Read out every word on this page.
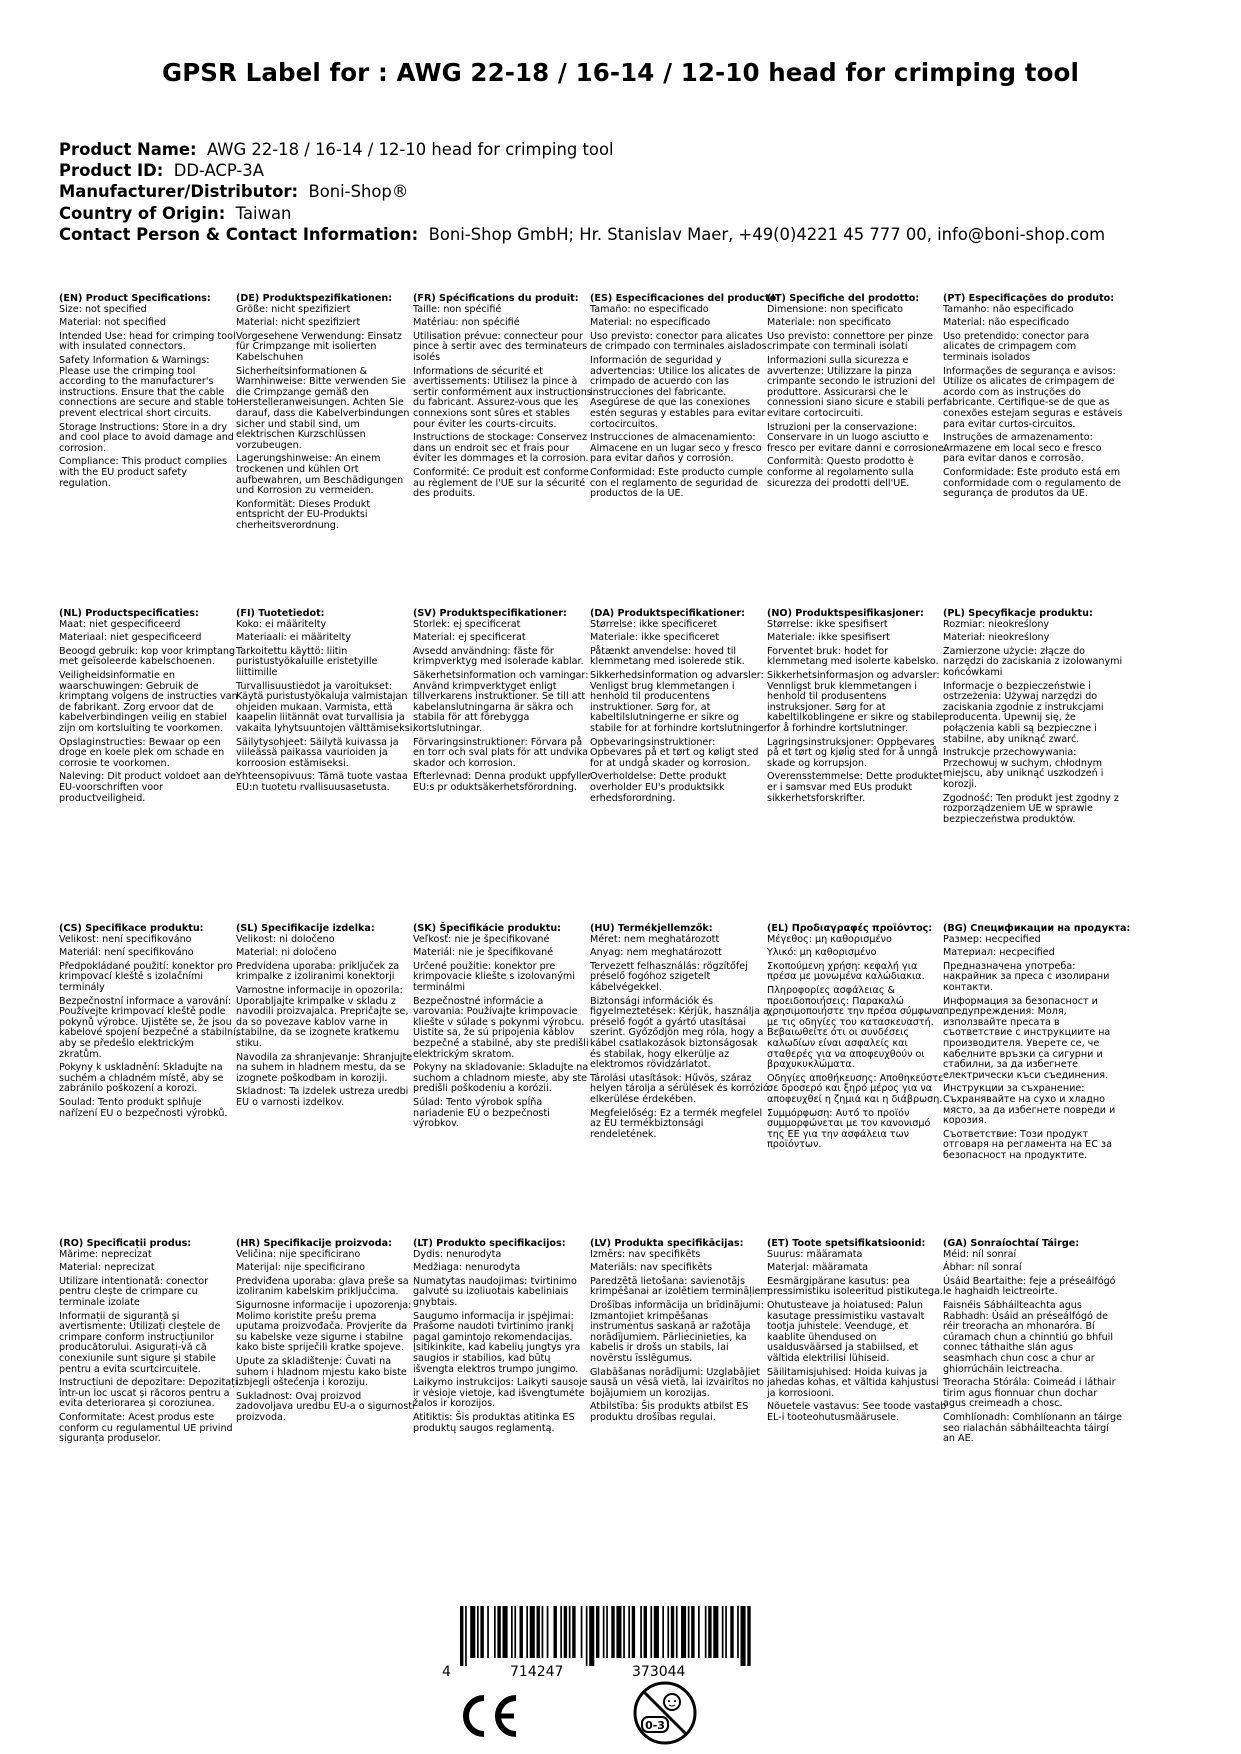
GPSR Label for : AWG 22-18 / 16-14 / 12-10 head for crimping tool
Product Name: AWG 22-18 / 16-14 / 12-10 head for crimping tool
Product ID: DD-ACP-3A
Manufacturer/Distributor: Boni-Shop®
Country of Origin: Taiwan
Contact Person & Contact Information: Boni-Shop GmbH; Hr. Stanislav Maer, +49(0)4221 45 777 00, info@boni-shop.com
(EN) Product Specifications:

Size: not specified

Material: not specified

Intended Use: head for crimping tool with insulated connectors.

Safety Information & Warnings: Please use the crimping tool according to the manufacturer's instructions. Ensure that the cable connections are secure and stable to prevent electrical short circuits.

Storage Instructions: Store in a dry and cool place to avoid damage and corrosion.

Compliance: This product complies with the EU product safety regulation.

(DE) Produktspezifikationen:

Größe: nicht spezifiziert

Material: nicht spezifiziert

Vorgesehene Verwendung: Einsatz für Crimpzange mit isolierten Kabelschuhen

Sicherheitsinformationen & Warnhinweise: Bitte verwenden Sie die Crimpzange gemäß den Herstelleranweisungen. Achten Sie darauf, dass die Kabelverbindungen sicher und stabil sind, um elektrischen Kurzschlüssen vorzubeugen.

Lagerungshinweise: An einem trockenen und kühlen Ort aufbewahren, um Beschädigungen und Korrosion zu vermeiden.

Konformität: Dieses Produkt entspricht der EU-Produktsi cherheitsverordnung.

(FR) Spécifications du produit:

Taille: non spécifié

Matériau: non spécifié

Utilisation prévue: connecteur pour pince à sertir avec des terminateurs isolés

Informations de sécurité et avertissements: Utilisez la pince à sertir conformément aux instructions du fabricant. Assurez-vous que les connexions sont sûres et stables pour éviter les courts-circuits.

Instructions de stockage: Conservez dans un endroit sec et frais pour éviter les dommages et la corrosion.

Conformité: Ce produit est conforme au règlement de l'UE sur la sécurité des produits.

(ES) Especificaciones del producto:

Tamaño: no especificado

Material: no especificado

Uso previsto: conector para alicates de crimpado con terminales aislados

Información de seguridad y advertencias: Utilice los alicates de crimpado de acuerdo con las instrucciones del fabricante. Asegúrese de que las conexiones estén seguras y estables para evitar cortocircuitos.

Instrucciones de almacenamiento: Almacene en un lugar seco y fresco para evitar daños y corrosión.

Conformidad: Este producto cumple con el reglamento de seguridad de productos de la UE.

(IT) Specifiche del prodotto:

Dimensione: non specificato

Materiale: non specificato

Uso previsto: connettore per pinze crimpate con terminali isolati

Informazioni sulla sicurezza e avvertenze: Utilizzare la pinza crimpante secondo le istruzioni del produttore. Assicurarsi che le connessioni siano sicure e stabili per evitare cortocircuiti.

Istruzioni per la conservazione: Conservare in un luogo asciutto e fresco per evitare danni e corrosione.

Conformità: Questo prodotto è conforme al regolamento sulla sicurezza dei prodotti dell'UE.

(PT) Especificações do produto:

Tamanho: não especificado

Material: não especificado

Uso pretendido: conector para alicates de crimpagem com terminais isolados

Informações de segurança e avisos: Utilize os alicates de crimpagem de acordo com as instruções do fabricante. Certifique-se de que as conexões estejam seguras e estáveis para evitar curtos-circuitos.

Instruções de armazenamento: Armazene em local seco e fresco para evitar danos e corrosão.

Conformidade: Este produto está em conformidade com o regulamento de segurança de produtos da UE.

(NL) Productspecificaties:

Maat: niet gespecificeerd

Materiaal: niet gespecificeerd

Beoogd gebruik: kop voor krimptang met geïsoleerde kabelschoenen.

Veiligheidsinformatie en waarschuwingen: Gebruik de krimptang volgens de instructies van de fabrikant. Zorg ervoor dat de kabelverbindingen veilig en stabiel zijn om kortsluiting te voorkomen.

Opslaginstructies: Bewaar op een droge en koele plek om schade en corrosie te voorkomen.

Naleving: Dit product voldoet aan de EU-voorschriften voor productveiligheid.

(FI) Tuotetiedot:

Koko: ei määritelty

Materiaali: ei määritelty

Tarkoitettu käyttö: liitin puristustyökaluille eristetyille liittimille

Turvallisuustiedot ja varoitukset: Käytä puristustyökaluja valmistajan ohjeiden mukaan. Varmista, että kaapelin liitännät ovat turvallisia ja vakaita lyhytsuuntojen välttämiseksi.

Säilytysohjeet: Säilytä kuivassa ja viileässä paikassa vaurioiden ja korroosion estämiseksi.

Yhteensopivuus: Tämä tuote vastaa EU:n tuotetu rvallisuusasetusta.

(SV) Produktspecifikationer:

Storlek: ej specificerat

Material: ej specificerat

Avsedd användning: fäste för krimpverktyg med isolerade kablar.

Säkerhetsinformation och varningar: Använd krimpverktyget enligt tillverkarens instruktioner. Se till att kabelanslutningarna är säkra och stabila för att förebygga kortslutningar.

Förvaringsinstruktioner: Förvara på en torr och sval plats för att undvika skador och korrosion.

Efterlevnad: Denna produkt uppfyller EU:s pr oduktsäkerhetsförordning.

(DA) Produktspecifikationer:

Størrelse: ikke specificeret

Materiale: ikke specificeret

Påtænkt anvendelse: hoved til klemmetang med isolerede stik.

Sikkerhedsinformation og advarsler: Venligst brug klemmetangen i henhold til producentens instruktioner. Sørg for, at kabeltilslutningerne er sikre og stabile for at forhindre kortslutninger.

Opbevaringsinstruktioner: Opbevares på et tørt og køligt sted for at undgå skader og korrosion.

Overholdelse: Dette produkt overholder EU's produktsikk erhedsforordning.

(NO) Produktspesifikasjoner:

Størrelse: ikke spesifisert

Materiale: ikke spesifisert

Forventet bruk: hodet for klemmetang med isolerte kabelsko.

Sikkerhetsinformasjon og advarsler: Vennligst bruk klemmetangen i henhold til produsentens instruksjoner. Sørg for at kabeltilkoblingene er sikre og stabile for å forhindre kortslutninger.

Lagringsinstruksjoner: Oppbevares på et tørt og kjølig sted for å unngå skade og korrupsjon.

Overensstemmelse: Dette produktet er i samsvar med EUs produkt sikkerhetsforskrifter.

(PL) Specyfikacje produktu:

Rozmiar: nieokreślony

Materiał: nieokreślony

Zamierzone użycie: złącze do narzędzi do zaciskania z izolowanymi końcówkami

Informacje o bezpieczeństwie i ostrzeżenia: Używaj narzędzi do zaciskania zgodnie z instrukcjami producenta. Upewnij się, że połączenia kabli są bezpieczne i stabilne, aby uniknąć zwarć.

Instrukcje przechowywania: Przechowuj w suchym, chłodnym miejscu, aby uniknąć uszkodzeń i korozji.

Zgodność: Ten produkt jest zgodny z rozporządzeniem UE w sprawie bezpieczeństwa produktów.

(CS) Specifikace produktu:

Velikost: není specifikováno

Materiál: není specifikováno

Předpokládané použití: konektor pro krimpovací kleště s izolačními terminály

Bezpečnostní informace a varování: Používejte krimpovací kleště podle pokynů výrobce. Ujistěte se, že jsou kabelové spojení bezpečné a stabilní, aby se předešlo elektrickým zkratům.

Pokyny k uskladnění: Skladujte na suchém a chladném místě, aby se zabránilo poškození a korozi.

Soulad: Tento produkt splňuje nařízení EU o bezpečnosti výrobků.

(SL) Specifikacije izdelka:

Velikost: ni določeno

Material: ni določeno

Predvidena uporaba: priključek za krimpalke z izoliranimi konektorji

Varnostne informacije in opozorila: Uporabljajte krimpalke v skladu z navodili proizvajalca. Prepričajte se, da so povezave kablov varne in stabilne, da se izognete kratkemu stiku.

Navodila za shranjevanje: Shranjujte na suhem in hladnem mestu, da se izognete poškodbam in koroziji.

Skladnost: Ta izdelek ustreza uredbi EU o varnosti izdelkov.

(SK) Špecifikácie produktu:

Veľkosť: nie je špecifikované

Materiál: nie je špecifikované

Určené použitie: konektor pre krimpovacie kliešte s izolovanými terminálmi

Bezpečnostné informácie a varovania: Používajte krimpovacie kliešte v súlade s pokynmi výrobcu. Uistite sa, že sú pripojenia káblov bezpečné a stabilné, aby ste predišli elektrickým skratom.

Pokyny na skladovanie: Skladujte na suchom a chladnom mieste, aby ste predišli poškodeniu a korózii.

Súlad: Tento výrobok spĺňa nariadenie EÚ o bezpečnosti výrobkov.

(HU) Termékjellemzők:

Méret: nem meghatározott

Anyag: nem meghatározott

Tervezett felhasználás: rögzítőfej préselő fogóhoz szigetelt kábelvégekkel.

Biztonsági információk és figyelmeztetések: Kérjük, használja a préselő fogót a gyártó utasításai szerint. Győződjön meg róla, hogy a kábel csatlakozások biztonságosak és stabilak, hogy elkerülje az elektromos rövidzárlatot.

Tárolási utasítások: Hűvös, száraz helyen tárolja a sérülések és korrózió elkerülése érdekében.

Megfelelőség: Ez a termék megfelel az EU termékbiztonsági rendeletének.

(EL) Προδιαγραφές προϊόντος:

Μέγεθος: μη καθορισμένο

Υλικό: μη καθορισμένο

Σκοπούμενη χρήση: κεφαλή για πρέσα με μονωμένα καλώδιακια.

Πληροφορίες ασφάλειας & προειδοποιήσεις: Παρακαλώ χρησιμοποιήστε την πρέσα σύμφωνα με τις οδηγίες του κατασκευαστή. Βεβαιωθείτε ότι οι συνδέσεις καλωδίων είναι ασφαλείς και σταθερές για να αποφευχθούν οι βραχυκυκλώματα.

Οδηγίες αποθήκευσης: Αποθηκεύστε σε δροσερό και ξηρό μέρος για να αποφευχθεί η ζημιά και η διάβρωση.

Συμμόρφωση: Αυτό το προϊόν συμμορφώνεται με τον κανονισμό της ΕΕ για την ασφάλεια των προϊόντων.

(BG) Спецификации на продукта:

Размер: несресified

Материал: несресified

Предназначена употреба: накрайник за преса с изолирани контакти.

Информация за безопасност и предупреждения: Моля, използвайте пресата в съответствие с инструкциите на производителя. Уверете се, че кабелните връзки са сигурни и стабилни, за да избегнете електрически къси съединения.

Инструкции за съхранение: Съхранявайте на сухо и хладно място, за да избегнете повреди и корозия.

Съответствие: Този продукт отговаря на регламента на ЕС за безопасност на продуктите.

(RO) Specificații produs:

Mărime: neprecizat

Material: neprecizat

Utilizare intenționată: conector pentru clește de crimpare cu terminale izolate

Informații de siguranță și avertismente: Utilizați cleștele de crimpare conform instrucțiunilor producătorului. Asigurați-vă că conexiunile sunt sigure și stabile pentru a evita scurtcircuitele.

Instrucțiuni de depozitare: Depozitați într-un loc uscat și răcoros pentru a evita deteriorarea și coroziunea.

Conformitate: Acest produs este conform cu regulamentul UE privind siguranța produselor.

(HR) Specifikacije proizvoda:

Veličina: nije specificirano

Materijal: nije specificirano

Predviđena uporaba: glava preše sa izoliranim kabelskim priključcima.

Sigurnosne informacije i upozorenja: Molimo koristite prešu prema uputama proizvođača. Provjerite da su kabelske veze sigurne i stabilne kako biste spriječili kratke spojeve.

Upute za skladištenje: Čuvati na suhom i hladnom mjestu kako biste izbjegli oštećenja i koroziju.

Sukladnost: Ovaj proizvod zadovoljava uredbu EU-a o sigurnosti proizvoda.

(LT) Produkto specifikacijos:

Dydis: nenurodyta

Medžiaga: nenurodyta

Numatytas naudojimas: tvirtinimo galvutė su izoliuotais kabeliniais gnybtais.

Saugumo informacija ir įspėjimai: Prašome naudoti tvirtinimo įrankį pagal gamintojo rekomendacijas. Įsitikinkite, kad kabelių jungtys yra saugios ir stabilios, kad būtų išvengta elektros trumpo jungimo.

Laikymo instrukcijos: Laikyti sausoje ir vėsioje vietoje, kad išvengtumėte žalos ir korozijos.

Atitiktis: Šis produktas atitinka ES produktų saugos reglamentą.

(LV) Produkta specifikācijas:

Izmērs: nav specifikēts

Materiāls: nav specifikēts

Paredzētā lietošana: savienotājs krimpēšanai ar izolētiem termināļiem

Drošības informācija un brīdinājumi: Izmantojiet krimpēšanas instrumentus saskaņā ar ražotāja norādījumiem. Pārliecinieties, ka kabelis ir drošs un stabils, lai novērstu īsslēgumus.

Glabāšanas norādījumi: Uzglabājiet sausā un vēsā vietā, lai izvairītos no bojājumiem un korozijas.

Atbilstība: Šis produkts atbilst ES produktu drošības regulai.

(ET) Toote spetsifikatsioonid:

Suurus: määramata

Materjal: määramata

Eesmärgipärane kasutus: pea pressimistiku isoleeritud pistikutega.

Ohutusteave ja hoiatused: Palun kasutage pressimistiku vastavalt tootja juhistele. Veenduge, et kaablite ühendused on usaldusväärsed ja stabiilsed, et vältida elektrilisi lühiseid.

Säilitamisjuhised: Hoida kuivas ja jahedas kohas, et vältida kahjustusi ja korrosiooni.

Nõuetele vastavus: See toode vastab EL-i tooteohutusmäärusele.

(GA) Sonraíochtaí Táirge:

Méid: níl sonraí

Ábhar: níl sonraí

Úsáid Beartaithe: feje a préseálfógó le haghaidh leictreoirte.

Faisnéis Sábháilteachta agus Rabhadh: Úsáid an préseálfógó de réir treoracha an mhonaróra. Bí cúramach chun a chinntiú go bhfuil connec táthaithe slán agus seasmhach chun cosc a chur ar ghiorrúcháin leictreacha.

Treoracha Stórála: Coimeád i láthair tirim agus fionnuar chun dochar agus creimeadh a chosc.

Comhlíonadh: Comhlíonann an táirge seo rialachán sábháilteachta táirgí an AE.

4	714247	373044
0-3
